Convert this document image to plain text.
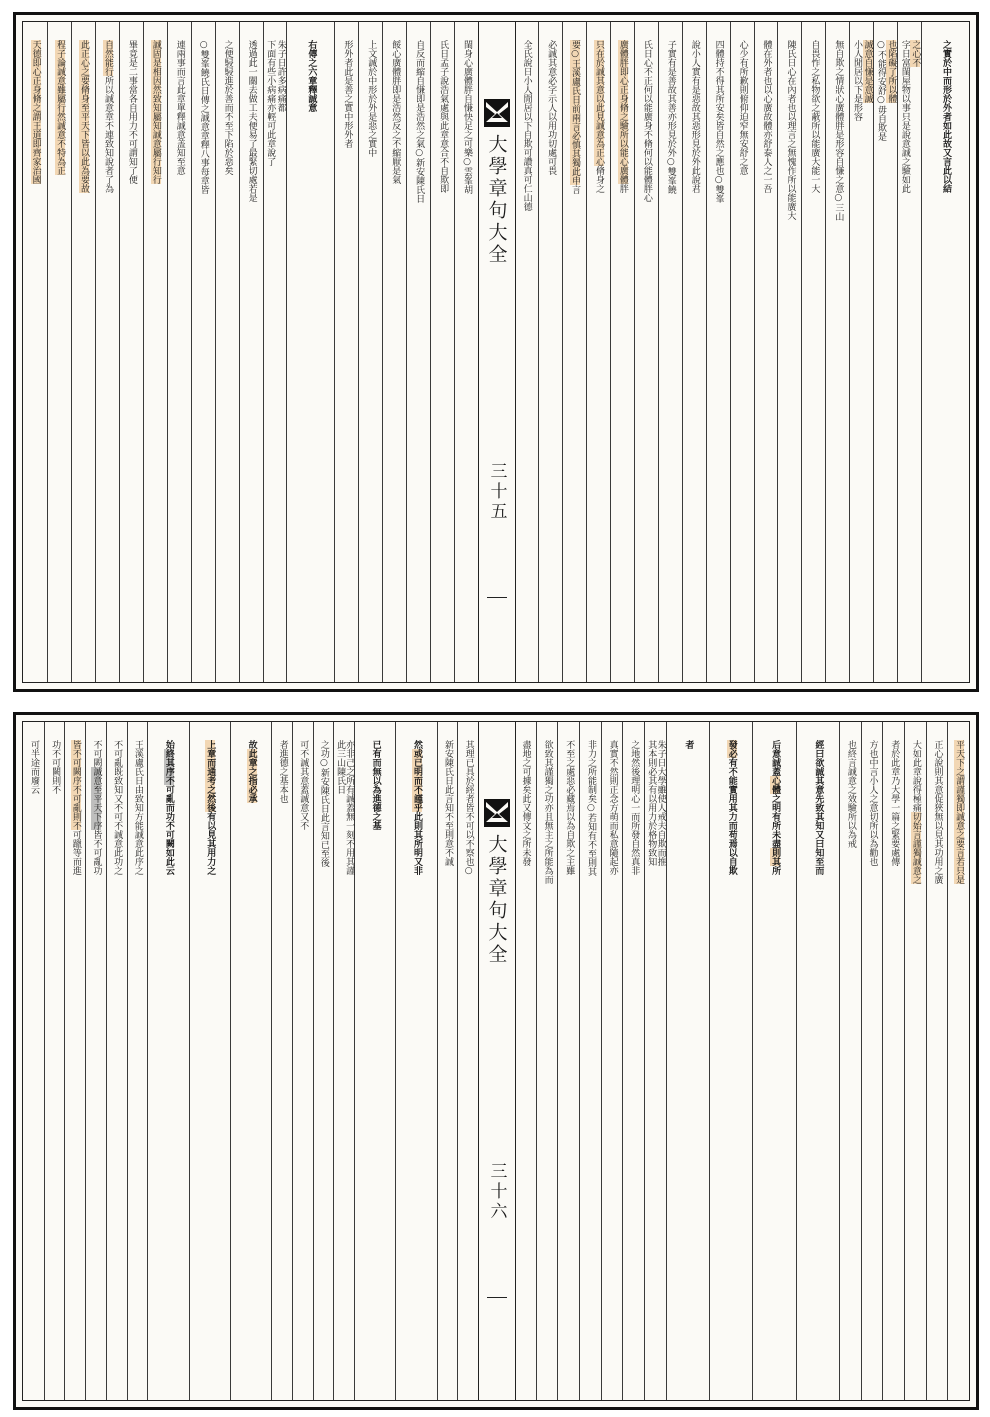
之實於中而形於外者如此故又言此以結
之心不
字日富閨屋物以事只是說意誠之驗如此
也陷礙了所以體
○不能得安舒○毋自欺是
誠意自慊是意誠
小人閒居以下是形容
無自欺之情狀心廣體胖是形容自慊之意○三山
自畏怍之私物欲之蔽所以能廣大能一大
陳氏日心在內者也以理言之無愧作所以能廣大
體在外者也以心廣故體亦舒泰人之一吾
心少有所歉則俯仰迫窄無安舒之意
四體持不得其所安矣皆自然之應也○雙峯
說小人實有是惡故其惡形見於外此說君
子實有是善故其善亦形見於外○雙峯饒
氏日心不正何以能廣身不脩何以能體胖心
廣體胖即心正身脩之驗所以能心廣體胖
只在於誠其意以此見誠意為正心脩身之
要○王溪盧氏日前兩言必慎其獨此申言
必誠其意必字示人以用功切處可畏
全氏說日小人閒居以下自欺可讚真可仁山德
大學章句大全
三十五
閨身心廣體胖自慊快足之可樂○雲峯胡
氏日孟子說浩氣處與此章意合不自欺即
自反而縮自慊即是浩然之氣○新安陳氏日
餒心廣體胖即是浩然反之不縮厭是氣
上文誠於中形於外是惡之實中
形外者此是善之實中形外者
右傳之六章釋誠意
朱子日許多病痛都
下面有些小病痛亦輕可此章說了
透過此一關去做工夫便易了最緊切處若是
之便駸駸進於善而不至下陷於惡矣
○雙峯饒氏日傳之誠意章釋八事每章皆
連兩事而言此章單釋誠意盖知至意
誠固是相因然致知屬知誠意屬行知行
畢竟是二事當各自用力不可謂知了便
自然能行所以誠意章不連致知說者了為
此正心之要脩身至平天下皆以此為要故
程子論誠意雖屬行然誠意不特為正
天德即心正身脩之謂王道即齊家治國
平天下之謂謹獨即誠意之要言若只是
正心說則其意促狹無以見其功用之廣
大如此章說得極痛切始言謹獨誠意之
者於此章乃大學一篇之緊要處傳
方也中言小人之意切所以為勸也
也終言誠意之效驗所以為戒
經曰欲誠其意先致其知又曰知至而
后意誠蓋心體之明有所未盡則其所
發必有不能實用其力而苟焉以自欺
者
朱子日大學雖使人戒夫自欺而推
其本則必其有以用力於格物致知
之地然後理明心一而所發自然真非
真實不然則正念方萌而私意隨起亦
非力之所能制矣○若知有不至則其
不至之處惡必藏焉以為自欺之主雖
欲致其謹獨之功亦且無主之所能為而
盡地之可據矣此又傳文之所未發
大學章句大全
三十六
其理已具於經者皆不可以不察也○
新安陳氏日此言知不至則意不誠
然或已明而不謹乎此則其所明又非
已有而無以為進德之基
亦非己之所有誠蓋無一刻不用其謹
此三山陳氏日
之功○新安陳氏日此言知已至後
可不誠其意蓋誠意又不
者進德之基本也
故此章之指必承
上章而通考之然後有以見其用力之
始終其序不可亂而功不可闕如此云
王溪盧氏日由致知方能誠意此序之
不可亂既致知又不可不誠意此功之
不可闕誠意至平天下序皆不可亂功
皆不可闕序不可亂則不可躐等而進
功不可闕則不
可半途而廢云
